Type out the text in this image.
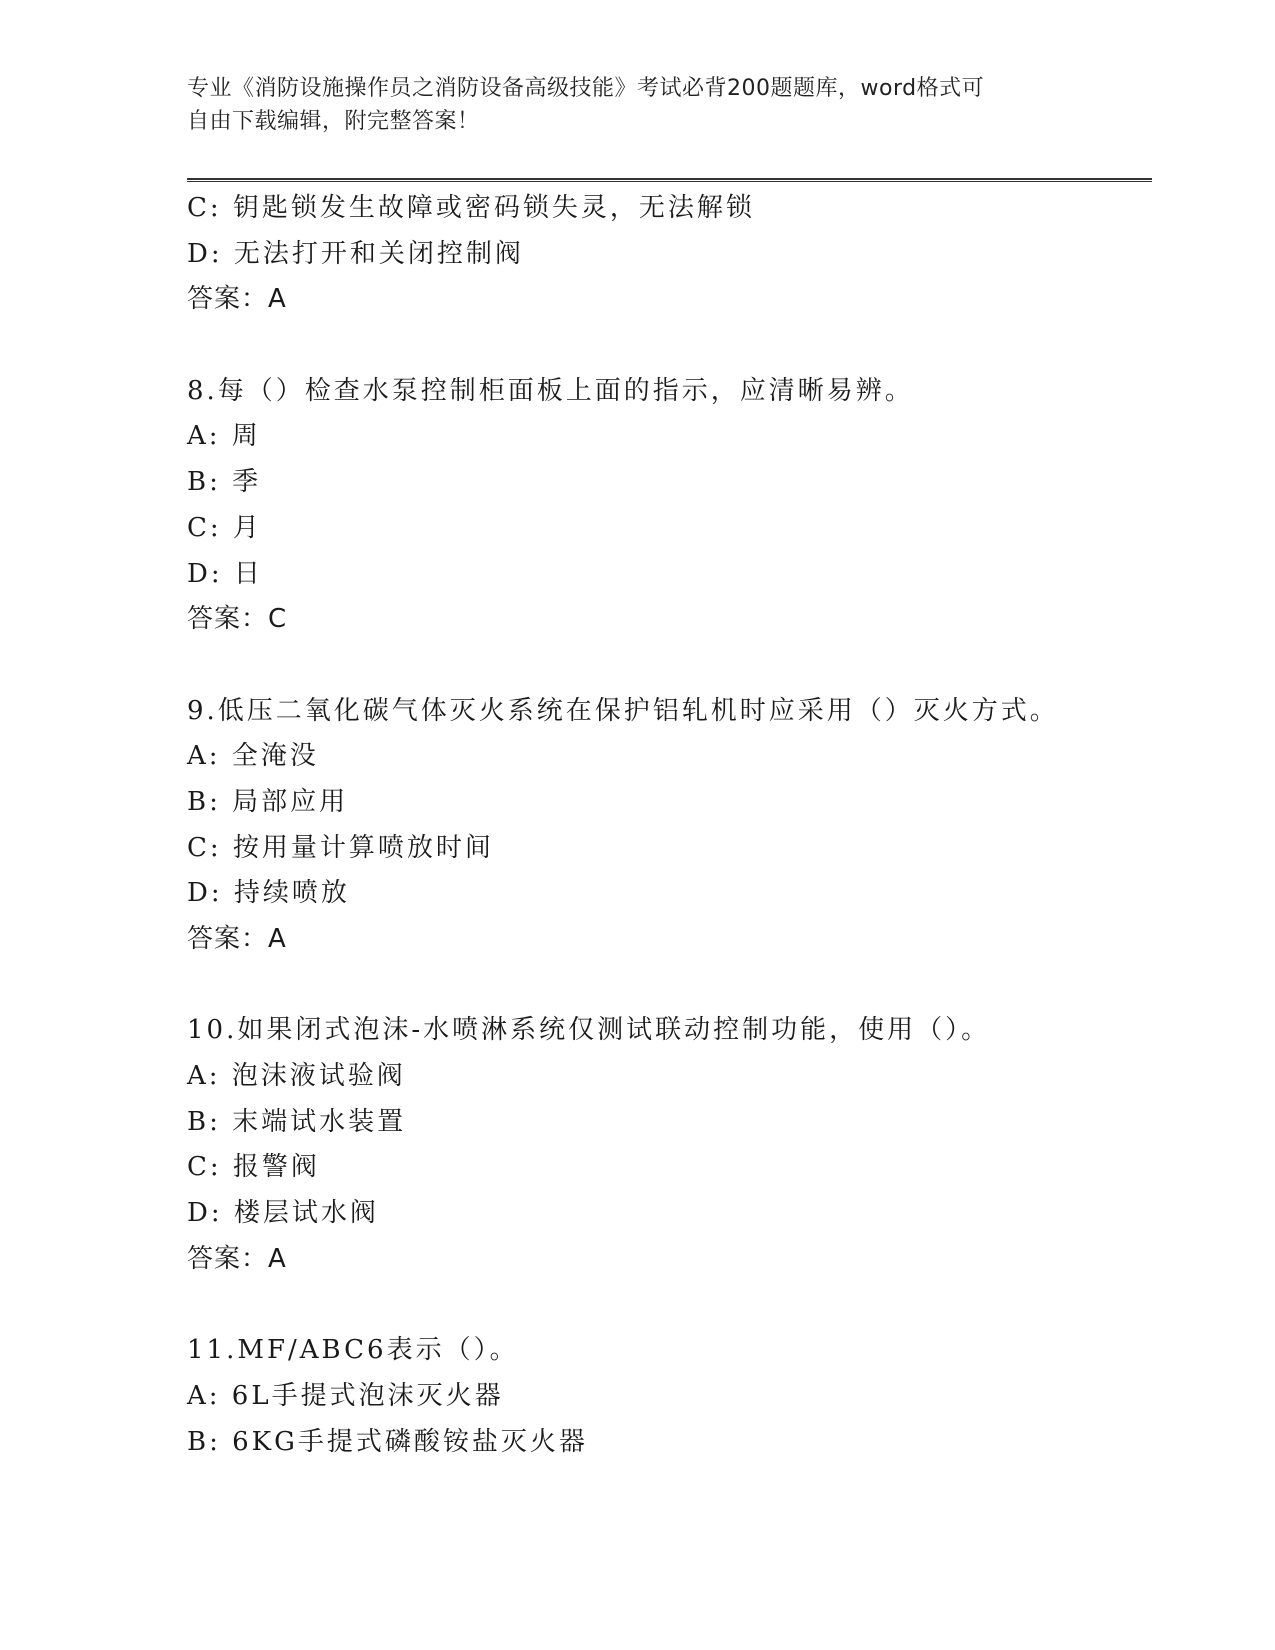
专业《消防设施操作员之消防设备高级技能》考试必背200题题库，word格式可
自由下载编辑，附完整答案！
C: 钥匙锁发生故障或密码锁失灵，无法解锁
D: 无法打开和关闭控制阀
答案：A
8.每（）检查水泵控制柜面板上面的指示，应清晰易辨。
A: 周
B: 季
C: 月
D: 日
答案：C
9.低压二氧化碳气体灭火系统在保护铝轧机时应采用（）灭火方式。
A: 全淹没
B: 局部应用
C: 按用量计算喷放时间
D: 持续喷放
答案：A
10.如果闭式泡沫-水喷淋系统仅测试联动控制功能，使用（）。
A: 泡沫液试验阀
B: 末端试水装置
C: 报警阀
D: 楼层试水阀
答案：A
11.MF/ABC6表示（）。
A: 6L手提式泡沫灭火器
B: 6KG手提式磷酸铵盐灭火器
